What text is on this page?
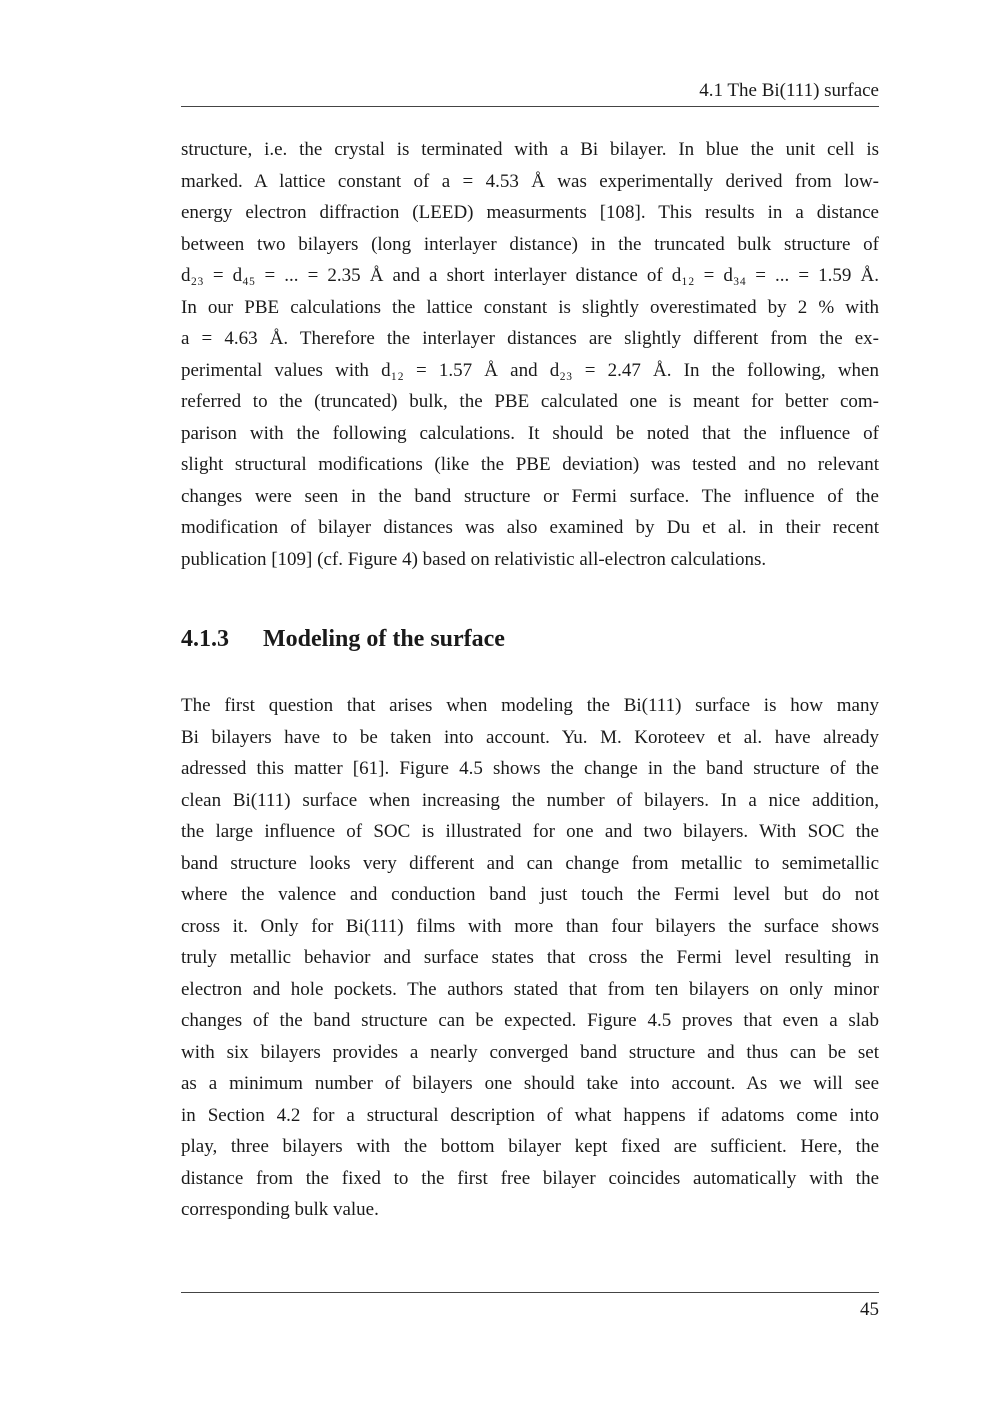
4.1 The Bi(111) surface
structure, i.e. the crystal is terminated with a Bi bilayer. In blue the unit cell is
marked. A lattice constant of a = 4.53 Å was experimentally derived from low-
energy electron diffraction (LEED) measurments [108]. This results in a distance
between two bilayers (long interlayer distance) in the truncated bulk structure of
d₂₃ = d₄₅ = ... = 2.35 Å and a short interlayer distance of d₁₂ = d₃₄ = ... = 1.59 Å.
In our PBE calculations the lattice constant is slightly overestimated by 2 % with
a = 4.63 Å. Therefore the interlayer distances are slightly different from the ex-
perimental values with d₁₂ = 1.57 Å and d₂₃ = 2.47 Å. In the following, when
referred to the (truncated) bulk, the PBE calculated one is meant for better com-
parison with the following calculations. It should be noted that the influence of
slight structural modifications (like the PBE deviation) was tested and no relevant
changes were seen in the band structure or Fermi surface. The influence of the
modification of bilayer distances was also examined by Du et al. in their recent
publication [109] (cf. Figure 4) based on relativistic all-electron calculations.
4.1.3 Modeling of the surface
The first question that arises when modeling the Bi(111) surface is how many
Bi bilayers have to be taken into account. Yu. M. Koroteev et al. have already
adressed this matter [61]. Figure 4.5 shows the change in the band structure of the
clean Bi(111) surface when increasing the number of bilayers. In a nice addition,
the large influence of SOC is illustrated for one and two bilayers. With SOC the
band structure looks very different and can change from metallic to semimetallic
where the valence and conduction band just touch the Fermi level but do not
cross it. Only for Bi(111) films with more than four bilayers the surface shows
truly metallic behavior and surface states that cross the Fermi level resulting in
electron and hole pockets. The authors stated that from ten bilayers on only minor
changes of the band structure can be expected. Figure 4.5 proves that even a slab
with six bilayers provides a nearly converged band structure and thus can be set
as a minimum number of bilayers one should take into account. As we will see
in Section 4.2 for a structural description of what happens if adatoms come into
play, three bilayers with the bottom bilayer kept fixed are sufficient. Here, the
distance from the fixed to the first free bilayer coincides automatically with the
corresponding bulk value.
45
